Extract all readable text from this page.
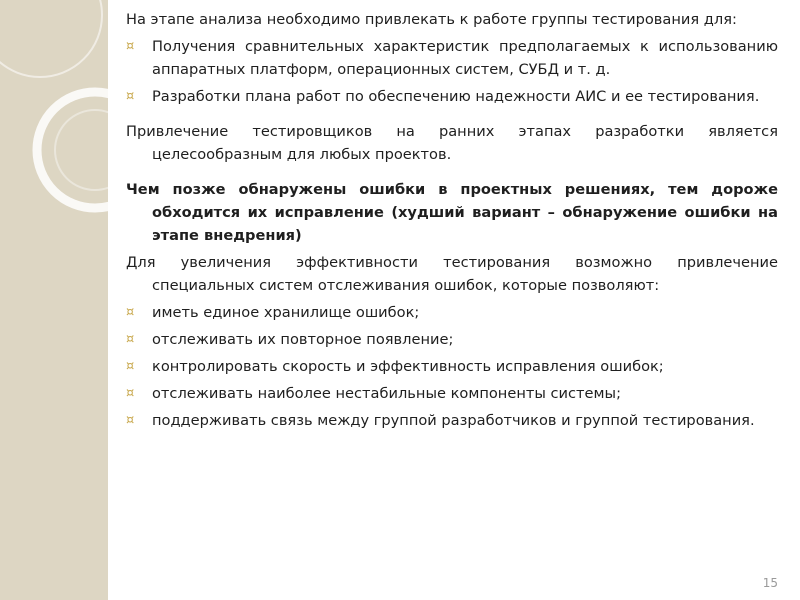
На этапе анализа необходимо привлекать к работе группы тестирования для:

¤	Получения сравнительных характеристик предполагаемых к использованию аппаратных платформ, операционных систем, СУБД и т. д.
¤	Разработки плана работ по обеспечению надежности АИС и ее тестирования.

Привлечение тестировщиков на ранних этапах разработки является целесообразным для любых проектов.

Чем позже обнаружены ошибки в проектных решениях, тем дороже обходится их исправление (худший вариант – обнаружение ошибки на этапе внедрения)

Для увеличения эффективности тестирования возможно привлечение специальных систем отслеживания ошибок, которые позволяют:

¤	иметь единое хранилище ошибок;
¤	отслеживать их повторное появление;
¤	контролировать скорость и эффективность исправления ошибок;
¤	отслеживать наиболее нестабильные компоненты системы;
¤	поддерживать связь между группой разработчиков и группой тестирования.
15
